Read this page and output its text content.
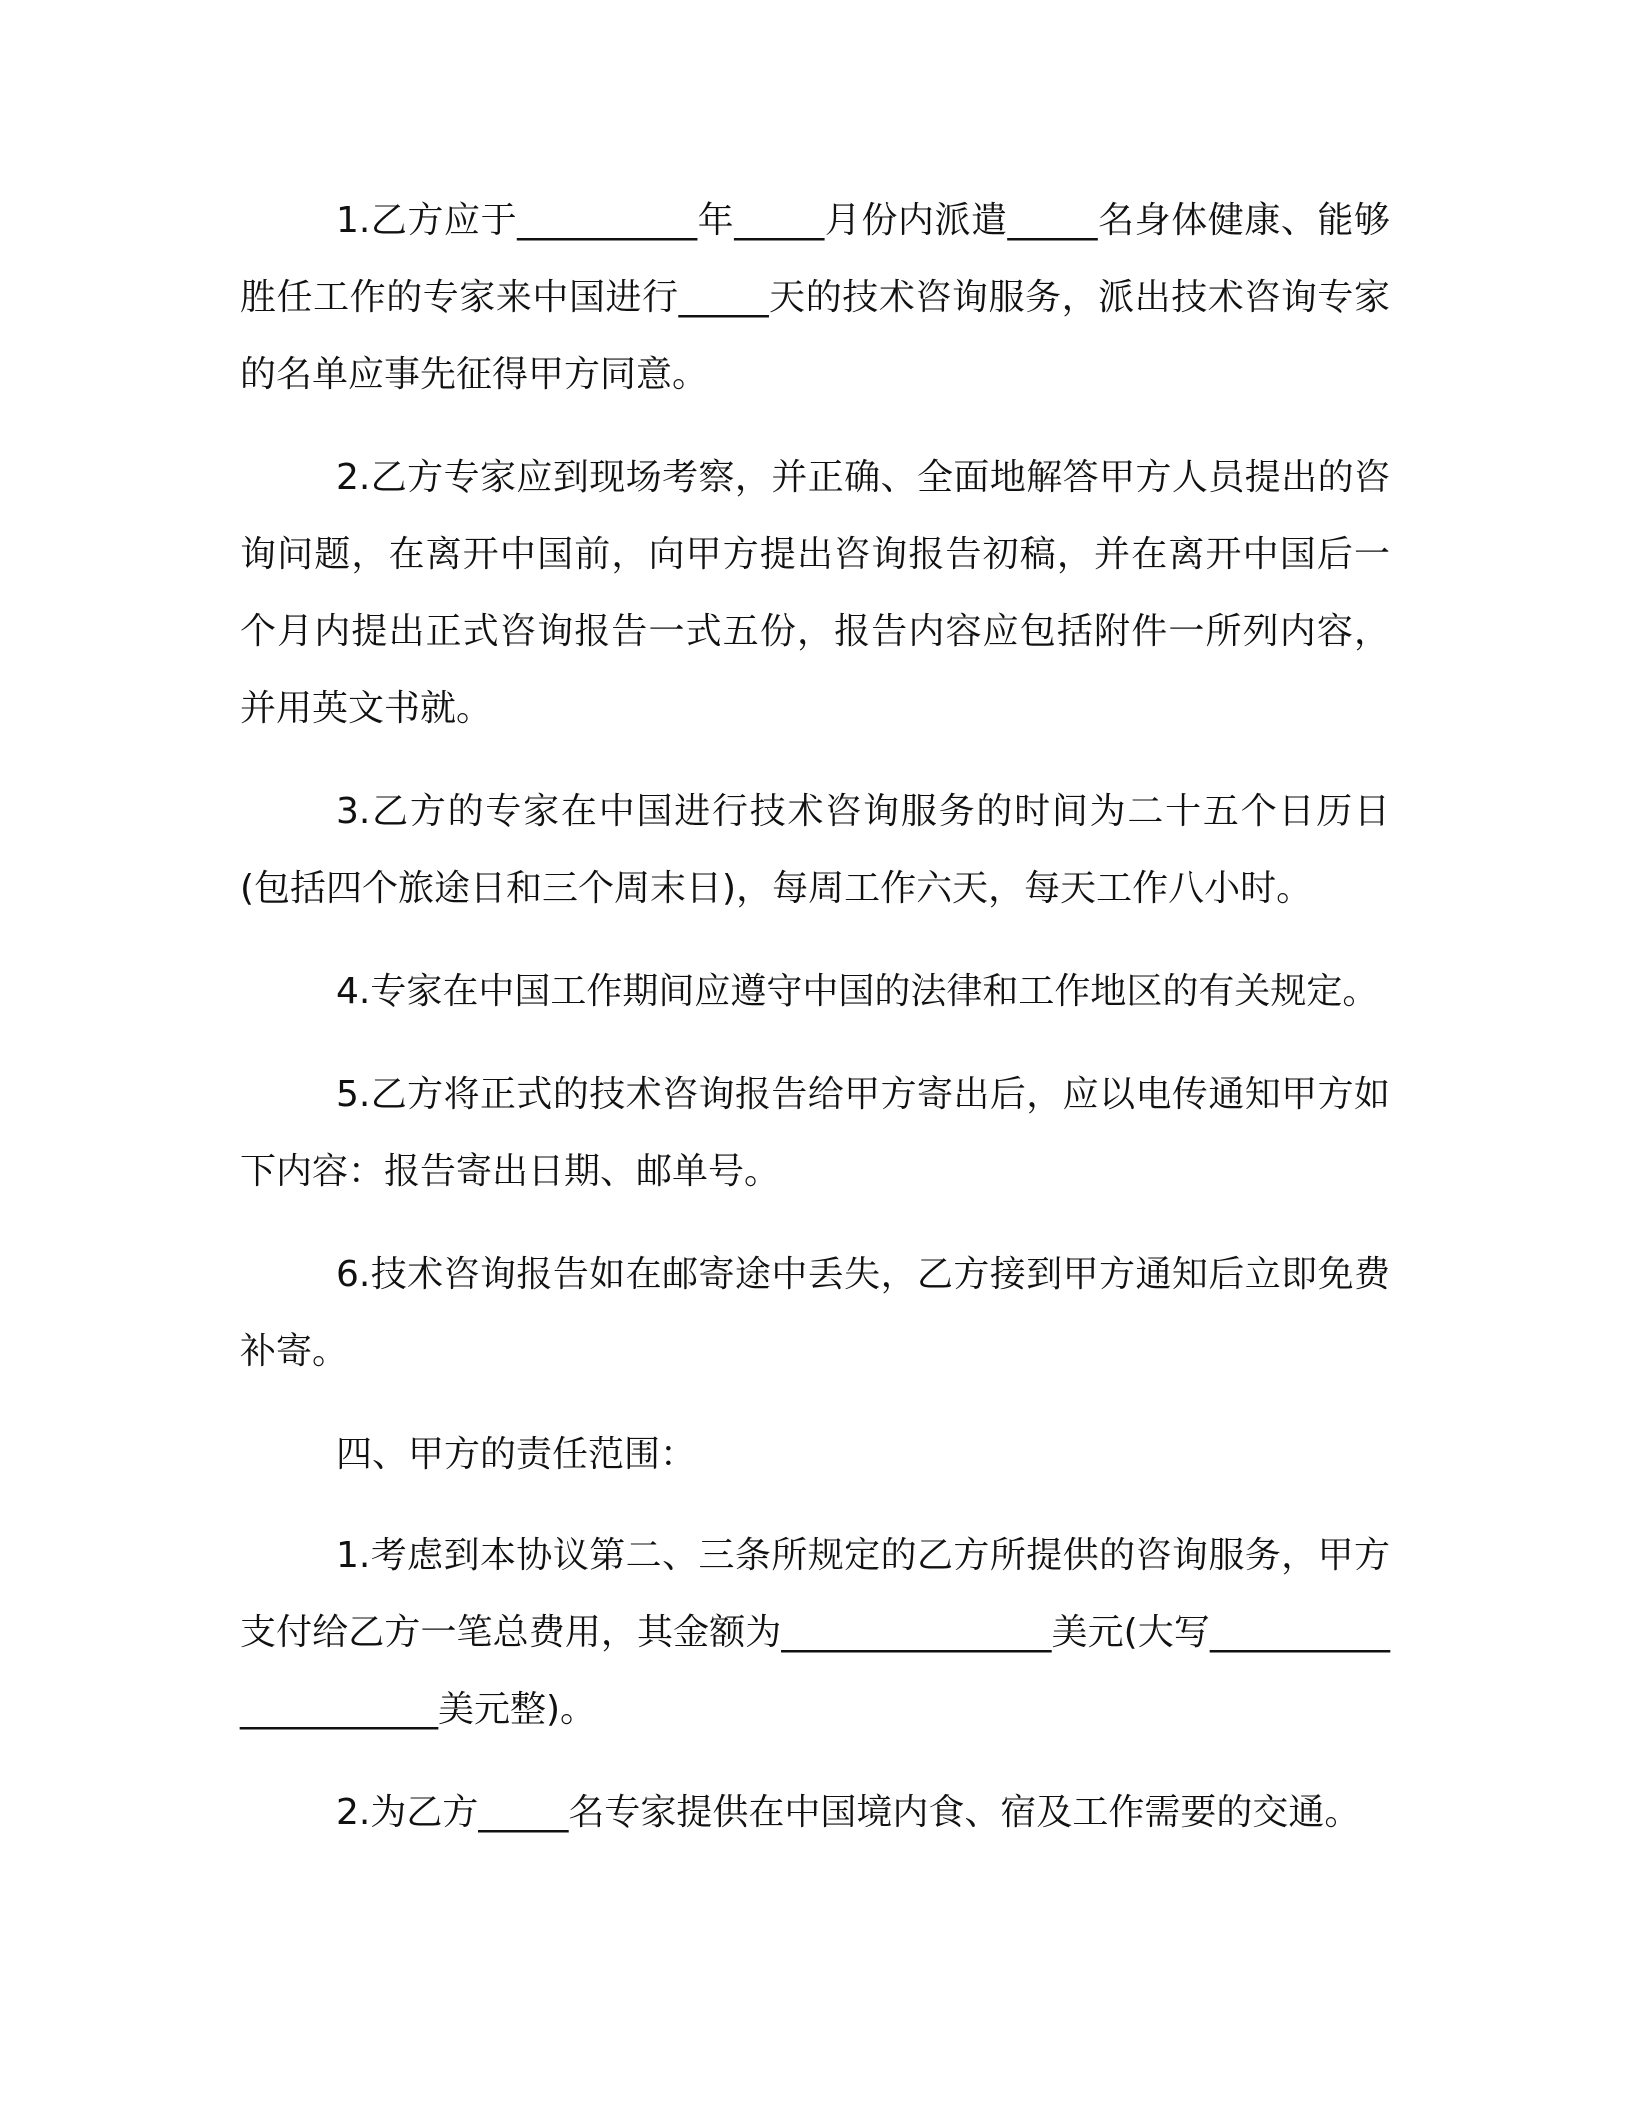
1.乙方应于__________年_____月份内派遣_____名身体健康、能够胜任工作的专家来中国进行_____天的技术咨询服务，派出技术咨询专家的名单应事先征得甲方同意。

2.乙方专家应到现场考察，并正确、全面地解答甲方人员提出的咨询问题，在离开中国前，向甲方提出咨询报告初稿，并在离开中国后一个月内提出正式咨询报告一式五份，报告内容应包括附件一所列内容，并用英文书就。

3.乙方的专家在中国进行技术咨询服务的时间为二十五个日历日(包括四个旅途日和三个周末日)，每周工作六天，每天工作八小时。

4.专家在中国工作期间应遵守中国的法律和工作地区的有关规定。

5.乙方将正式的技术咨询报告给甲方寄出后，应以电传通知甲方如下内容：报告寄出日期、邮单号。

6.技术咨询报告如在邮寄途中丢失，乙方接到甲方通知后立即免费补寄。

四、甲方的责任范围：

1.考虑到本协议第二、三条所规定的乙方所提供的咨询服务，甲方支付给乙方一笔总费用，其金额为_______________美元(大写_____________________美元整)。

2.为乙方_____名专家提供在中国境内食、宿及工作需要的交通。
